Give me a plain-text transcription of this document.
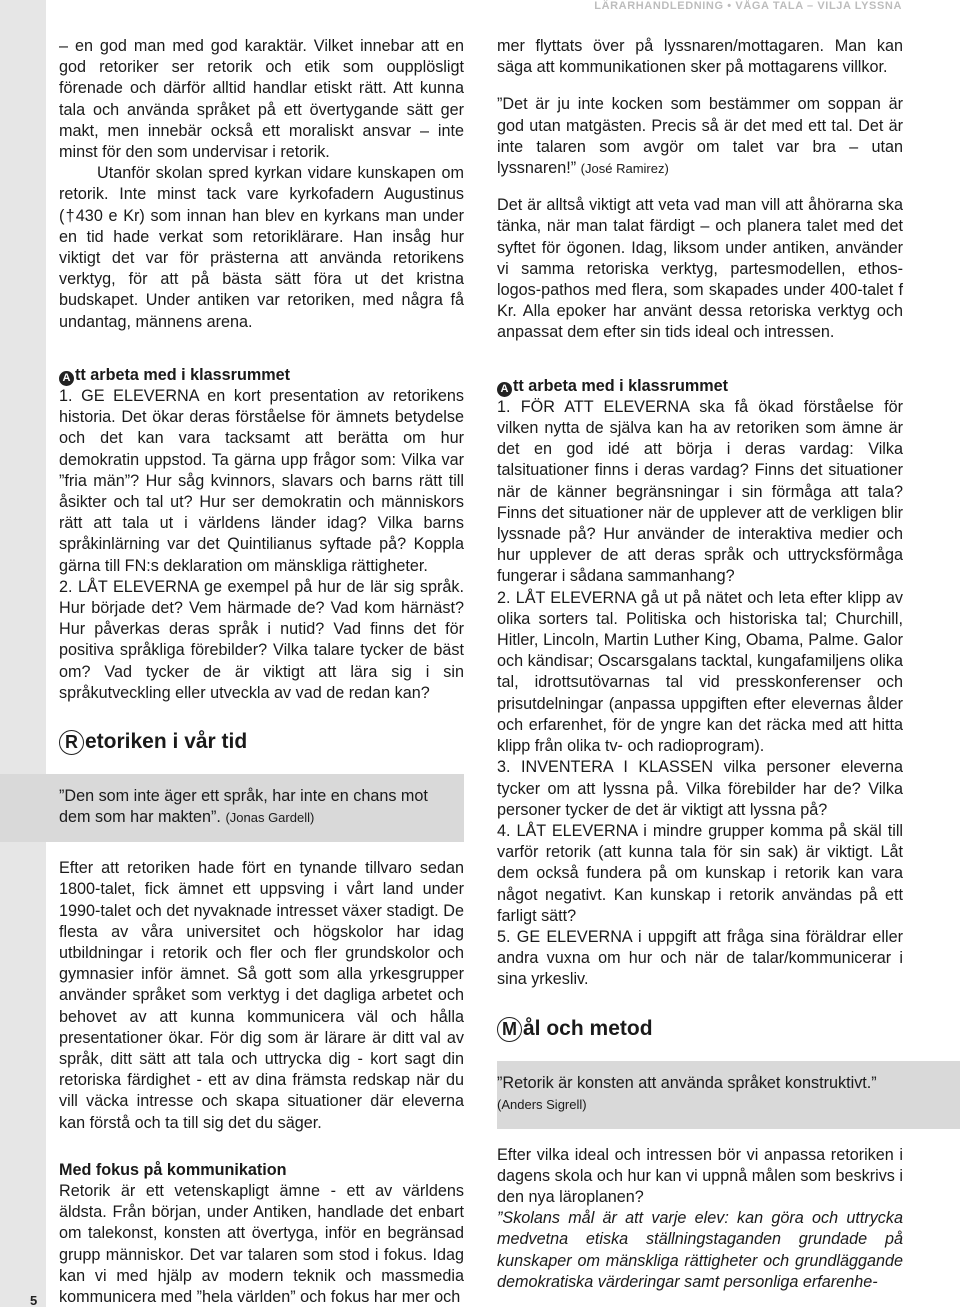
LÄRARHANDLEDNING • VÅGA TALA – VILJA LYSSNA
5

– en god man med god karaktär. Vilket innebar att en god retoriker ser retorik och etik som oupplösligt förenade och därför alltid handlar etiskt rätt. Att kunna tala och använda språket på ett övertygande sätt ger makt, men innebär också ett moraliskt ansvar – inte minst för den som undervisar i retorik.

Utanför skolan spred kyrkan vidare kunskapen om retorik. Inte minst tack vare kyrkofadern Augustinus (†430 e Kr) som innan han blev en kyrkans man under en tid hade verkat som retoriklärare. Han insåg hur viktigt det var för prästerna att använda retorikens verktyg, för att på bästa sätt föra ut det kristna budskapet. Under antiken var retoriken, med några få undantag, männens arena.

A tt arbeta med i klassrummet

1. GE ELEVERNA en kort presentation av retorikens historia. Det ökar deras förståelse för ämnets betydelse och det kan vara tacksamt att berätta om hur demokratin uppstod. Ta gärna upp frågor som: Vilka var ”fria män”? Hur såg kvinnors, slavars och barns rätt till åsikter och tal ut? Hur ser demokratin och människors rätt att tala ut i världens länder idag? Vilka barns språkinlärning var det Quintilianus syftade på? Koppla gärna till FN:s deklaration om mänskliga rättigheter.

2. LÅT ELEVERNA ge exempel på hur de lär sig språk. Hur började det? Vem härmade de? Vad kom härnäst? Hur påverkas deras språk i nutid? Vad finns det för positiva språkliga förebilder? Vilka talare tycker de bäst om? Vad tycker de är viktigt att lära sig i sin språkutveckling eller utveckla av vad de redan kan?

R etoriken i vår tid
”Den som inte äger ett språk, har inte en chans mot dem som har makten”. (Jonas Gardell)

Efter att retoriken hade fört en tynande tillvaro sedan 1800-talet, fick ämnet ett uppsving i vårt land under 1990-talet och det nyvaknade intresset växer stadigt. De flesta av våra universitet och högskolor har idag utbildningar i retorik och fler och fler grundskolor och gymnasier inför ämnet. Så gott som alla yrkesgrupper använder språket som verktyg i det dagliga arbetet och behovet av att kunna kommunicera väl och hålla presentationer ökar. För dig som är lärare är ditt val av språk, ditt sätt att tala och uttrycka dig - kort sagt din retoriska färdighet - ett av dina främsta redskap när du vill väcka intresse och skapa situationer där eleverna kan förstå och ta till sig det du säger.

Med fokus på kommunikation

Retorik är ett vetenskapligt ämne - ett av världens äldsta. Från början, under Antiken, handlade det enbart om talekonst, konsten att övertyga, inför en begränsad grupp människor. Det var talaren som stod i fokus. Idag kan vi med hjälp av modern teknik och massmedia kommunicera med ”hela världen” och fokus har mer och

mer flyttats över på lyssnaren/mottagaren. Man kan säga att kommunikationen sker på mottagarens villkor.

”Det är ju inte kocken som bestämmer om soppan är god utan matgästen. Precis så är det med ett tal. Det är inte talaren som avgör om talet var bra – utan lyssnaren!” (José Ramirez)

Det är alltså viktigt att veta vad man vill att åhörarna ska tänka, när man talat färdigt – och planera talet med det syftet för ögonen. Idag, liksom under antiken, använder vi samma retoriska verktyg, partesmodellen, ethos-logos-pathos med flera, som skapades under 400-talet f Kr. Alla epoker har använt dessa retoriska verktyg och anpassat dem efter sin tids ideal och intressen.

A tt arbeta med i klassrummet

1. FÖR ATT ELEVERNA ska få ökad förståelse för vilken nytta de själva kan ha av retoriken som ämne är det en god idé att börja i deras vardag: Vilka talsituationer finns i deras vardag? Finns det situationer när de känner begränsningar i sin förmåga att tala? Finns det situationer när de upplever att de verkligen blir lyssnade på? Hur använder de interaktiva medier och hur upplever de att deras språk och uttrycksförmåga fungerar i sådana sammanhang?

2. LÅT ELEVERNA gå ut på nätet och leta efter klipp av olika sorters tal. Politiska och historiska tal; Churchill, Hitler, Lincoln, Martin Luther King, Obama, Palme. Galor och kändisar; Oscarsgalans tacktal, kungafamiljens olika tal, idrottsutövarnas tal vid presskonferenser och prisutdelningar (anpassa uppgiften efter elevernas ålder och erfarenhet, för de yngre kan det räcka med att hitta klipp från olika tv- och radioprogram).

3. INVENTERA I KLASSEN vilka personer eleverna tycker om att lyssna på. Vilka förebilder har de? Vilka personer tycker de det är viktigt att lyssna på?

4. LÅT ELEVERNA i mindre grupper komma på skäl till varför retorik (att kunna tala för sin sak) är viktigt. Låt dem också fundera på om kunskap i retorik kan vara något negativt. Kan kunskap i retorik användas på ett farligt sätt?

5. GE ELEVERNA i uppgift att fråga sina föräldrar eller andra vuxna om hur och när de talar/kommunicerar i sina yrkesliv.

M ål och metod
”Retorik är konsten att använda språket konstruktivt.”
(Anders Sigrell)

Efter vilka ideal och intressen bör vi anpassa retoriken i dagens skola och hur kan vi uppnå målen som beskrivs i den nya läroplanen?

”Skolans mål är att varje elev: kan göra och uttrycka medvetna etiska ställningstaganden grundade på kunskaper om mänskliga rättigheter och grundläggande demokratiska värderingar samt personliga erfarenhe-
